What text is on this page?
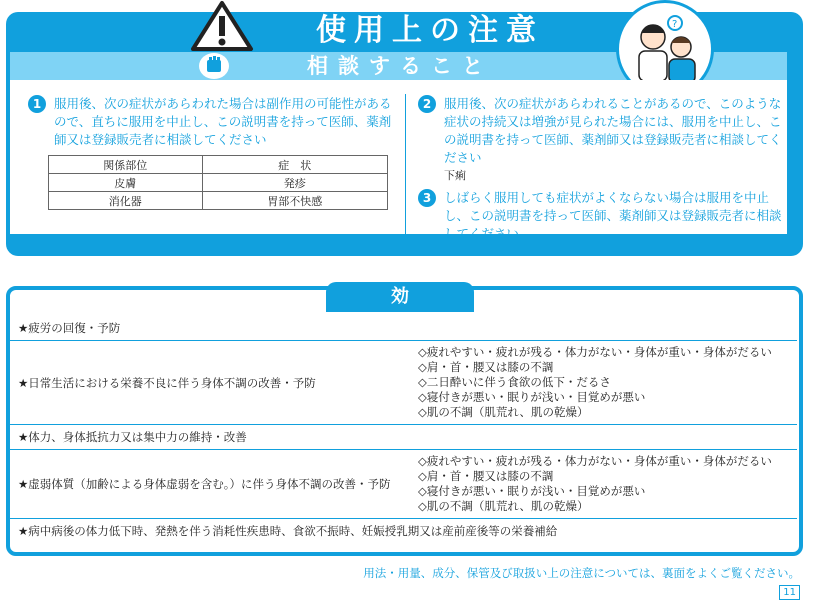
使用上の注意
相談すること
?
1	服用後、次の症状があらわれた場合は副作用の可能性があるので、直ちに服用を中止し、この説明書を持って医師、薬剤師又は登録販売者に相談してください
関係部位	症　状
皮膚	発疹
消化器	胃部不快感
2	服用後、次の症状があらわれることがあるので、このような症状の持続又は増強が見られた場合には、服用を中止し、この説明書を持って医師、薬剤師又は登録販売者に相談してください
下痢
3	しばらく服用しても症状がよくならない場合は服用を中止し、この説明書を持って医師、薬剤師又は登録販売者に相談してください
効　能
★疲労の回復・予防	
★日常生活における栄養不良に伴う身体不調の改善・予防	◇疲れやすい・疲れが残る・体力がない・身体が重い・身体がだるい
◇肩・首・腰又は膝の不調
◇二日酔いに伴う食欲の低下・だるさ
◇寝付きが悪い・眠りが浅い・目覚めが悪い
◇肌の不調（肌荒れ、肌の乾燥）

★体力、身体抵抗力又は集中力の維持・改善	
★虚弱体質（加齢による身体虚弱を含む。）に伴う身体不調の改善・予防	◇疲れやすい・疲れが残る・体力がない・身体が重い・身体がだるい
◇肩・首・腰又は膝の不調
◇寝付きが悪い・眠りが浅い・目覚めが悪い
◇肌の不調（肌荒れ、肌の乾燥）

★病中病後の体力低下時、発熱を伴う消耗性疾患時、食欲不振時、妊娠授乳期又は産前産後等の栄養補給	
用法・用量、成分、保管及び取扱い上の注意については、裏面をよくご覧ください。11
